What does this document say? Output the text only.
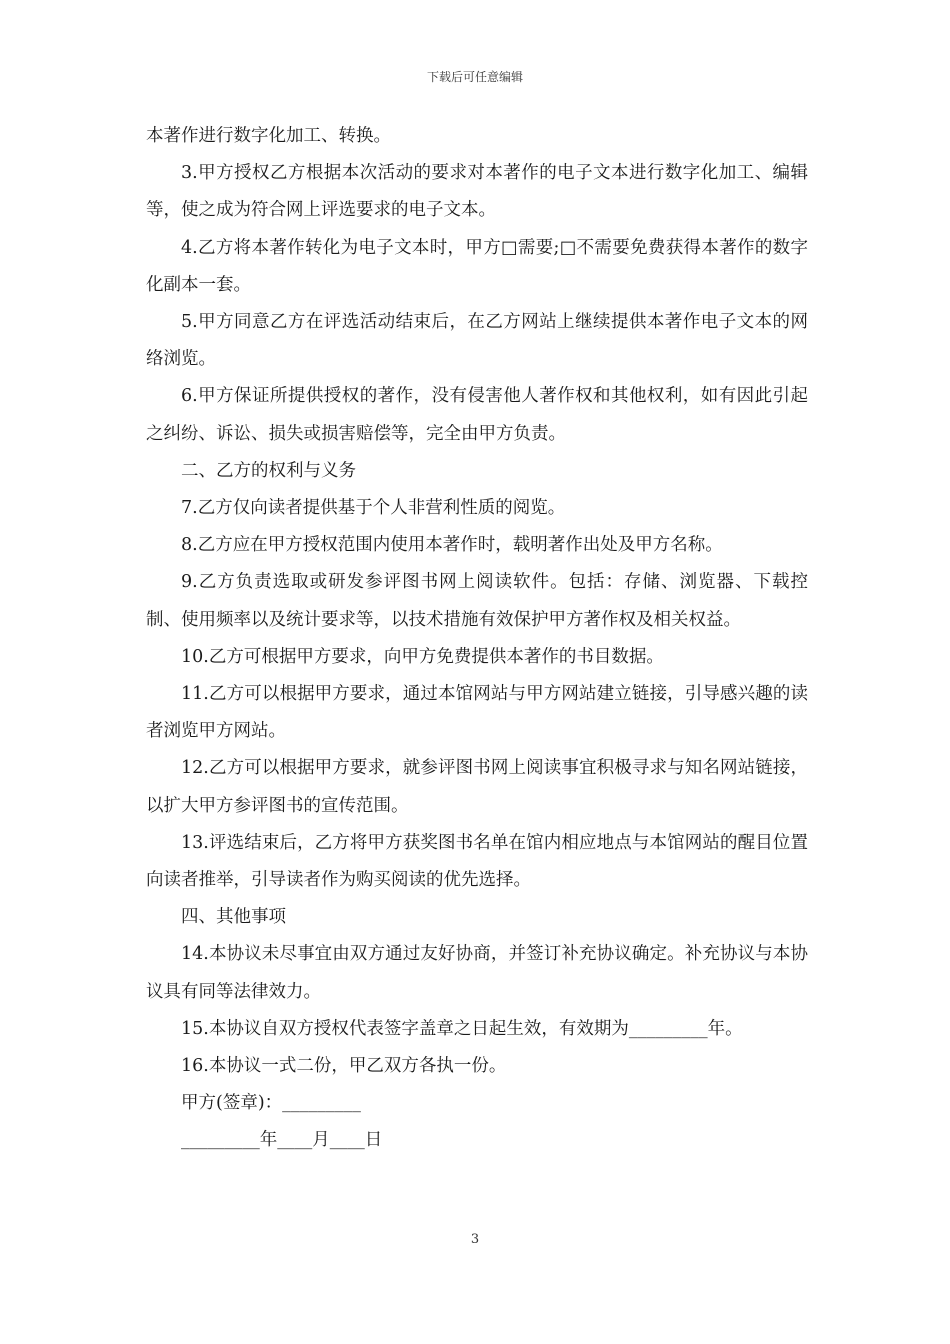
下载后可任意编辑

本著作进行数字化加工、转换。

3.甲方授权乙方根据本次活动的要求对本著作的电子文本进行数字化加工、编辑等，使之成为符合网上评选要求的电子文本。

4.乙方将本著作转化为电子文本时，甲方□需要;□不需要免费获得本著作的数字化副本一套。

5.甲方同意乙方在评选活动结束后，在乙方网站上继续提供本著作电子文本的网络浏览。

6.甲方保证所提供授权的著作，没有侵害他人著作权和其他权利，如有因此引起之纠纷、诉讼、损失或损害赔偿等，完全由甲方负责。

二、乙方的权利与义务

7.乙方仅向读者提供基于个人非营利性质的阅览。

8.乙方应在甲方授权范围内使用本著作时，载明著作出处及甲方名称。

9.乙方负责选取或研发参评图书网上阅读软件。包括：存储、浏览器、下载控制、使用频率以及统计要求等，以技术措施有效保护甲方著作权及相关权益。

10.乙方可根据甲方要求，向甲方免费提供本著作的书目数据。

11.乙方可以根据甲方要求，通过本馆网站与甲方网站建立链接，引导感兴趣的读者浏览甲方网站。

12.乙方可以根据甲方要求，就参评图书网上阅读事宜积极寻求与知名网站链接，以扩大甲方参评图书的宣传范围。

13.评选结束后，乙方将甲方获奖图书名单在馆内相应地点与本馆网站的醒目位置向读者推举，引导读者作为购买阅读的优先选择。

四、其他事项

14.本协议未尽事宜由双方通过友好协商，并签订补充协议确定。补充协议与本协议具有同等法律效力。

15.本协议自双方授权代表签字盖章之日起生效，有效期为_________年。

16.本协议一式二份，甲乙双方各执一份。

甲方(签章)：_________

_________年____月____日

3
